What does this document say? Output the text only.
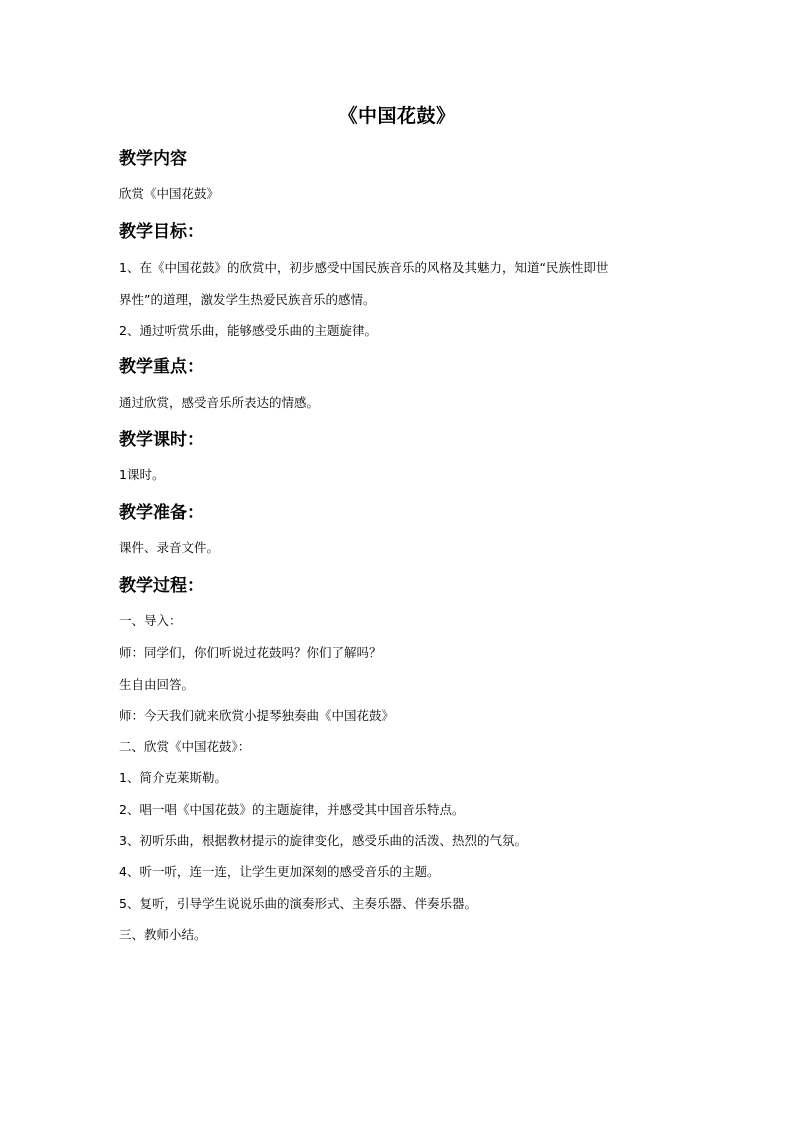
《中国花鼓》
教学内容
欣赏《中国花鼓》
教学目标：
1、在《中国花鼓》的欣赏中，初步感受中国民族音乐的风格及其魅力，知道“民族性即世
界性”的道理，激发学生热爱民族音乐的感情。
2、通过听赏乐曲，能够感受乐曲的主题旋律。
教学重点：
通过欣赏，感受音乐所表达的情感。
教学课时：
1课时。
教学准备：
课件、录音文件。
教学过程：
一、导入：
师：同学们，你们听说过花鼓吗？你们了解吗？
生自由回答。
师：今天我们就来欣赏小提琴独奏曲《中国花鼓》
二、欣赏《中国花鼓》：
1、简介克莱斯勒。
2、唱一唱《中国花鼓》的主题旋律，并感受其中国音乐特点。
3、初听乐曲，根据教材提示的旋律变化，感受乐曲的活泼、热烈的气氛。
4、听一听，连一连，让学生更加深刻的感受音乐的主题。
5、复听，引导学生说说乐曲的演奏形式、主奏乐器、伴奏乐器。
三、教师小结。
